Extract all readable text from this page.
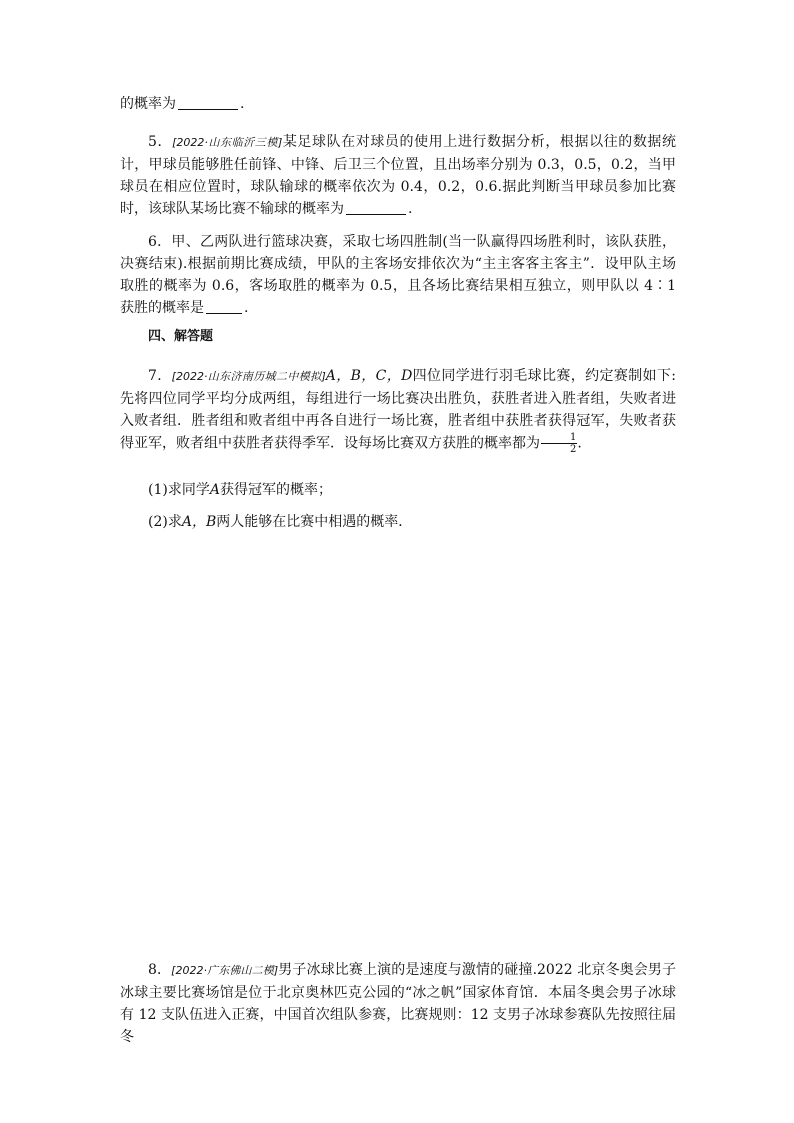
的概率为	.
5．[2022·山东临沂三模]某足球队在对球员的使用上进行数据分析，根据以往的数据统计，甲球员能够胜任前锋、中锋、后卫三个位置，且出场率分别为 0.3，0.5，0.2，当甲球员在相应位置时，球队输球的概率依次为 0.4，0.2，0.6.据此判断当甲球员参加比赛时，该球队某场比赛不输球的概率为	.
6．甲、乙两队进行篮球决赛，采取七场四胜制(当一队赢得四场胜利时，该队获胜，决赛结束).根据前期比赛成绩，甲队的主客场安排依次为“主主客客主客主”．设甲队主场取胜的概率为 0.6，客场取胜的概率为 0.5，且各场比赛结果相互独立，则甲队以 4∶1 获胜的概率是	.
四、解答题
7．[2022·山东济南历城二中模拟]A，B，C，D四位同学进行羽毛球比赛，约定赛制如下: 先将四位同学平均分成两组，每组进行一场比赛决出胜负，获胜者进入胜者组，失败者进入败者组．胜者组和败者组中再各自进行一场比赛，胜者组中获胜者获得冠军，失败者获得亚军，败者组中获胜者获得季军．设每场比赛双方获胜的概率都为 $\frac{1}{2}$ .
(1)求同学A获得冠军的概率；
(2)求A，B两人能够在比赛中相遇的概率．
8．[2022·广东佛山二模]男子冰球比赛上演的是速度与激情的碰撞.2022 北京冬奥会男子冰球主要比赛场馆是位于北京奥林匹克公园的“冰之帆”国家体育馆．本届冬奥会男子冰球有 12 支队伍进入正赛，中国首次组队参赛，比赛规则：12 支男子冰球参赛队先按照往届冬
